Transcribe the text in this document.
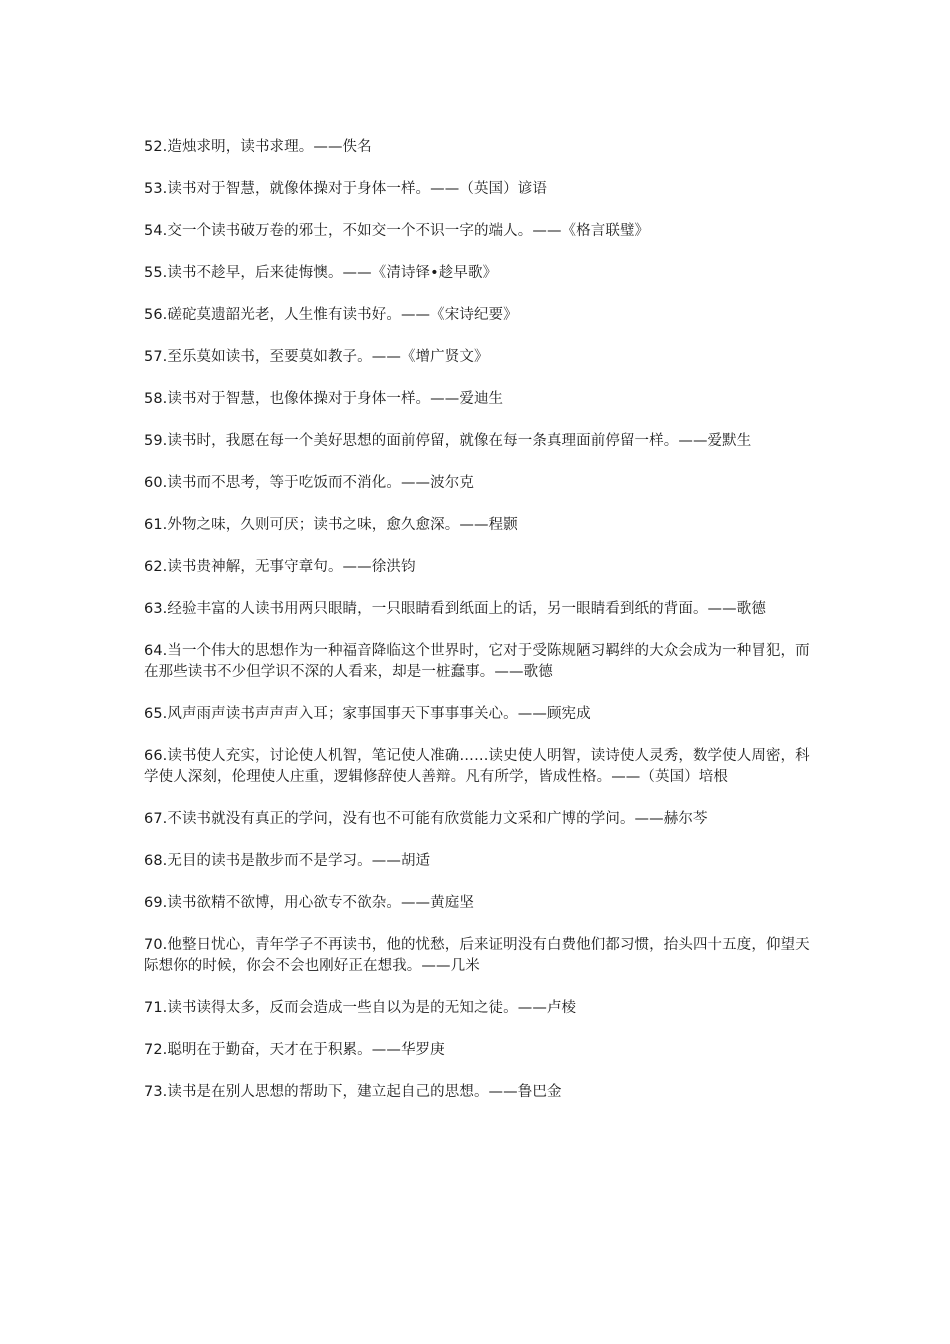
52.造烛求明，读书求理。——佚名
53.读书对于智慧，就像体操对于身体一样。——（英国）谚语
54.交一个读书破万卷的邪士，不如交一个不识一字的端人。——《格言联璧》
55.读书不趁早，后来徒悔懊。——《清诗铎•趁早歌》
56.磋砣莫遗韶光老，人生惟有读书好。——《宋诗纪要》
57.至乐莫如读书，至要莫如教子。——《增广贤文》
58.读书对于智慧，也像体操对于身体一样。——爱迪生
59.读书时，我愿在每一个美好思想的面前停留，就像在每一条真理面前停留一样。——爱默生
60.读书而不思考，等于吃饭而不消化。——波尔克
61.外物之味，久则可厌；读书之味，愈久愈深。——程颢
62.读书贵神解，无事守章句。——徐洪钧
63.经验丰富的人读书用两只眼睛，一只眼睛看到纸面上的话，另一眼睛看到纸的背面。——歌德
64.当一个伟大的思想作为一种福音降临这个世界时，它对于受陈规陋习羁绊的大众会成为一种冒犯，而在那些读书不少但学识不深的人看来，却是一桩蠢事。——歌德
65.风声雨声读书声声声入耳；家事国事天下事事事关心。——顾宪成
66.读书使人充实，讨论使人机智，笔记使人准确……读史使人明智，读诗使人灵秀，数学使人周密，科学使人深刻，伦理使人庄重，逻辑修辞使人善辩。凡有所学，皆成性格。——（英国）培根
67.不读书就没有真正的学问，没有也不可能有欣赏能力文采和广博的学问。——赫尔芩
68.无目的读书是散步而不是学习。——胡适
69.读书欲精不欲博，用心欲专不欲杂。——黄庭坚
70.他整日忧心，青年学子不再读书，他的忧愁，后来证明没有白费他们都习惯，抬头四十五度，仰望天际想你的时候，你会不会也刚好正在想我。——几米
71.读书读得太多，反而会造成一些自以为是的无知之徒。——卢棱
72.聪明在于勤奋，天才在于积累。——华罗庚
73.读书是在别人思想的帮助下，建立起自己的思想。——鲁巴金
